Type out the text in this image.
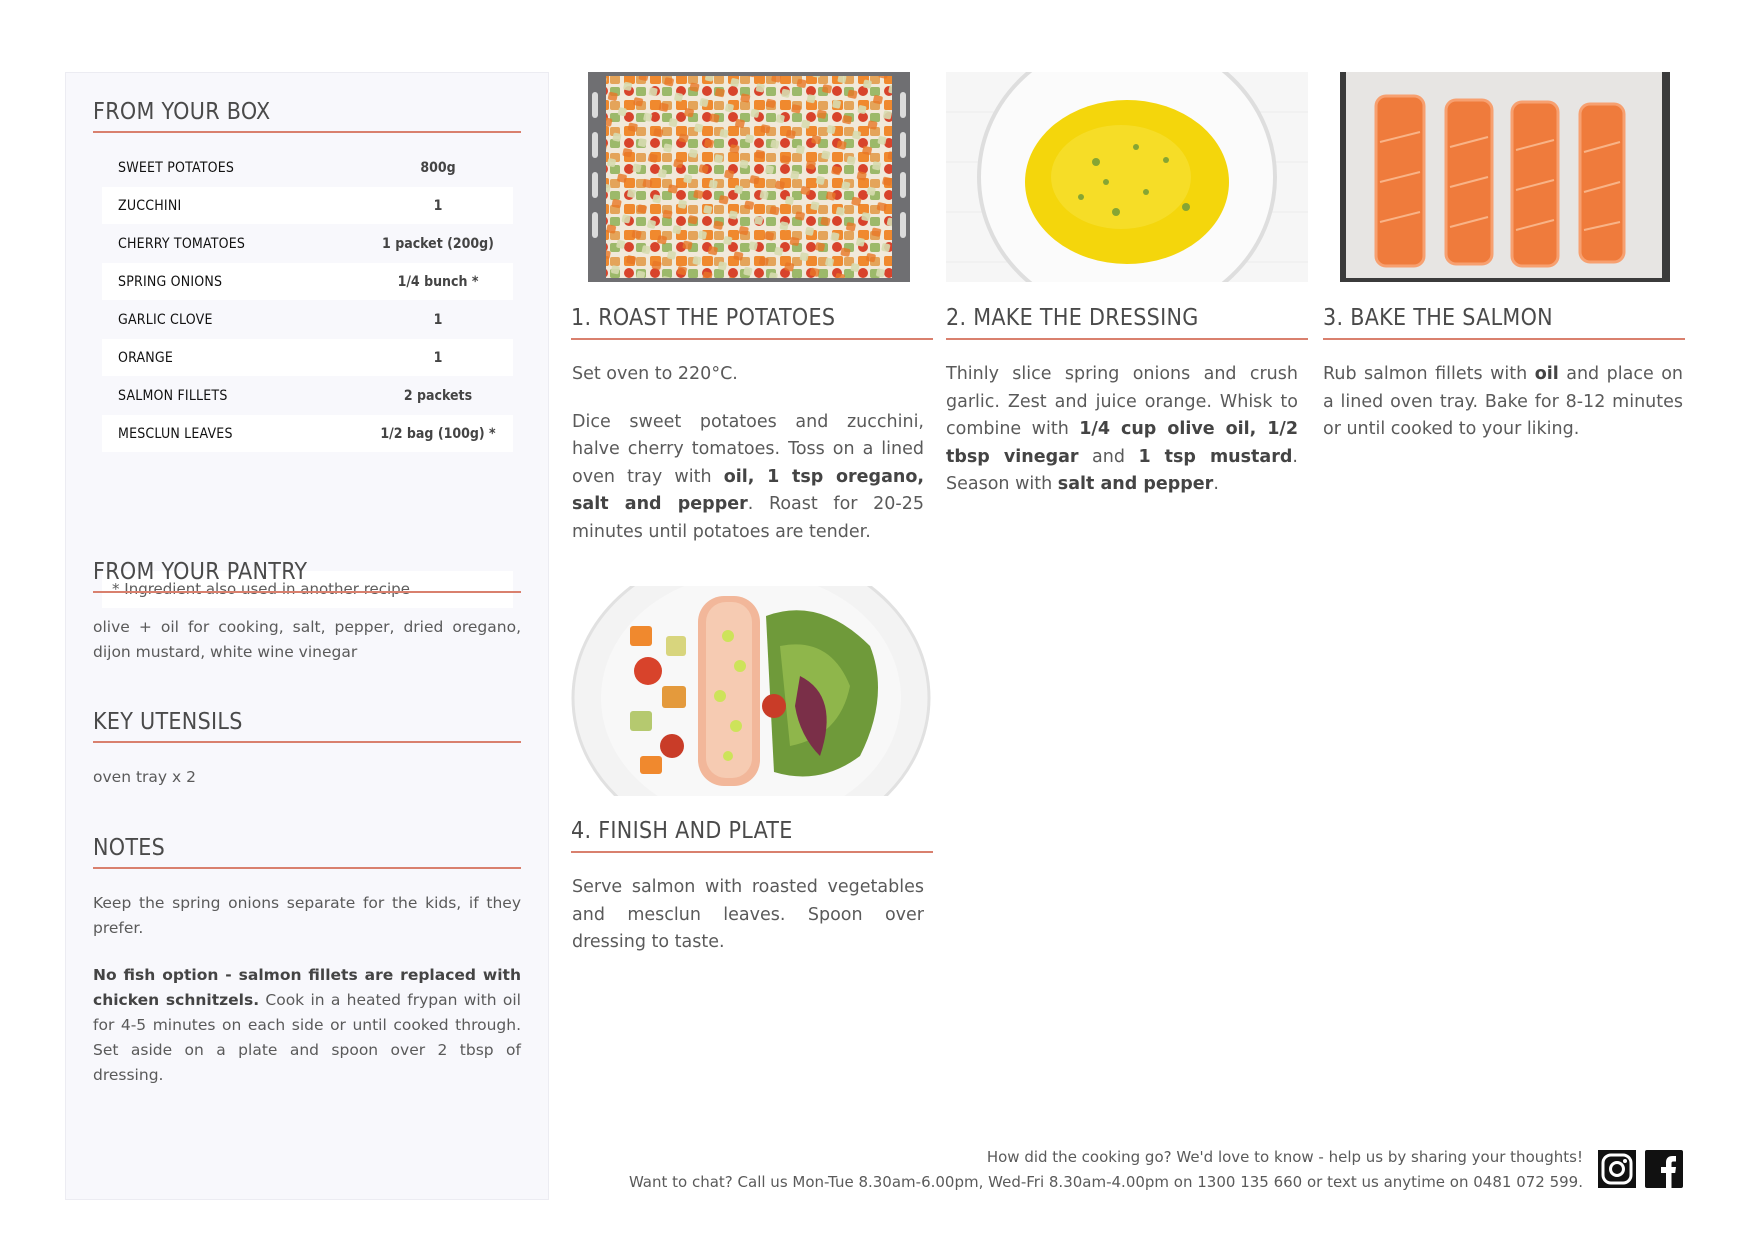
FROM YOUR BOX
SWEET POTATOES	800g
ZUCCHINI	1
CHERRY TOMATOES	1 packet (200g)
SPRING ONIONS	1/4 bunch *
GARLIC CLOVE	1
ORANGE	1
SALMON FILLETS	2 packets
MESCLUN LEAVES	1/2 bag (100g) *
* Ingredient also used in another recipe
FROM YOUR PANTRY

olive + oil for cooking, salt, pepper, dried oregano, dijon mustard, white wine vinegar

KEY UTENSILS

oven tray x 2

NOTES

Keep the spring onions separate for the kids, if they prefer.

No fish option - salmon fillets are replaced with chicken schnitzels. Cook in a heated frypan with oil for 4-5 minutes on each side or until cooked through. Set aside on a plate and spoon over 2 tbsp of dressing.

1. ROAST THE POTATOES

Set oven to 220°C.

Dice sweet potatoes and zucchini, halve cherry tomatoes. Toss on a lined oven tray with oil, 1 tsp oregano, salt and pepper. Roast for 20-25 minutes until potatoes are tender.

2. MAKE THE DRESSING

Thinly slice spring onions and crush garlic. Zest and juice orange. Whisk to combine with 1/4 cup olive oil, 1/2 tbsp vinegar and 1 tsp mustard. Season with salt and pepper.

3. BAKE THE SALMON

Rub salmon fillets with oil and place on a lined oven tray. Bake for 8-12 minutes or until cooked to your liking.

4. FINISH AND PLATE

Serve salmon with roasted vegetables and mesclun leaves. Spoon over dressing to taste.

How did the cooking go? We'd love to know - help us by sharing your thoughts!
Want to chat? Call us Mon-Tue 8.30am-6.00pm, Wed-Fri 8.30am-4.00pm on 1300 135 660 or text us anytime on 0481 072 599.
